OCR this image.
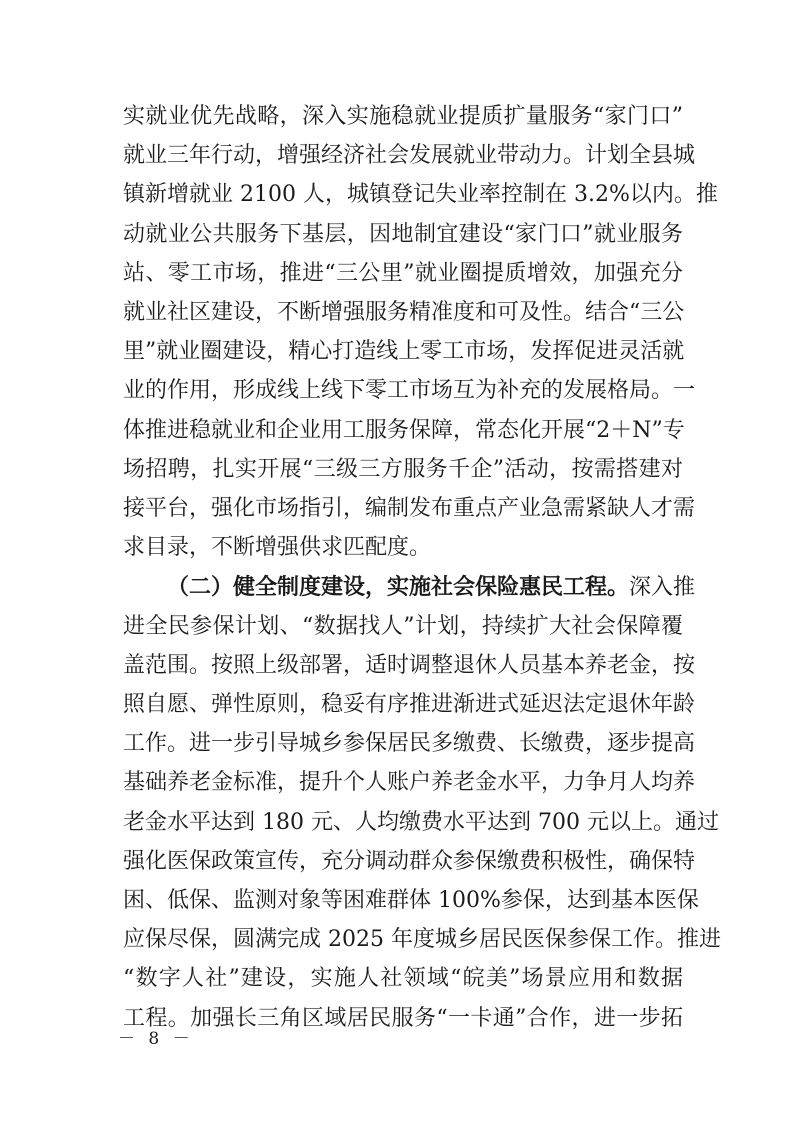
实就业优先战略，深入实施稳就业提质扩量服务“家门口”
就业三年行动，增强经济社会发展就业带动力。计划全县城
镇新增就业 2100 人，城镇登记失业率控制在 3.2%以内。推
动就业公共服务下基层，因地制宜建设“家门口”就业服务
站、零工市场，推进“三公里”就业圈提质增效，加强充分
就业社区建设，不断增强服务精准度和可及性。结合“三公
里”就业圈建设，精心打造线上零工市场，发挥促进灵活就
业的作用，形成线上线下零工市场互为补充的发展格局。一
体推进稳就业和企业用工服务保障，常态化开展“2＋N”专
场招聘，扎实开展“三级三方服务千企”活动，按需搭建对
接平台，强化市场指引，编制发布重点产业急需紧缺人才需
求目录，不断增强供求匹配度。
（二）健全制度建设，实施社会保险惠民工程。深入推
进全民参保计划、“数据找人”计划，持续扩大社会保障覆
盖范围。按照上级部署，适时调整退休人员基本养老金，按
照自愿、弹性原则，稳妥有序推进渐进式延迟法定退休年龄
工作。进一步引导城乡参保居民多缴费、长缴费，逐步提高
基础养老金标准，提升个人账户养老金水平，力争月人均养
老金水平达到 180 元、人均缴费水平达到 700 元以上。通过
强化医保政策宣传，充分调动群众参保缴费积极性，确保特
困、低保、监测对象等困难群体 100%参保，达到基本医保
应保尽保，圆满完成 2025 年度城乡居民医保参保工作。推进
“数字人社”建设，实施人社领域“皖美”场景应用和数据
工程。加强长三角区域居民服务“一卡通”合作，进一步拓
－ 8 －
